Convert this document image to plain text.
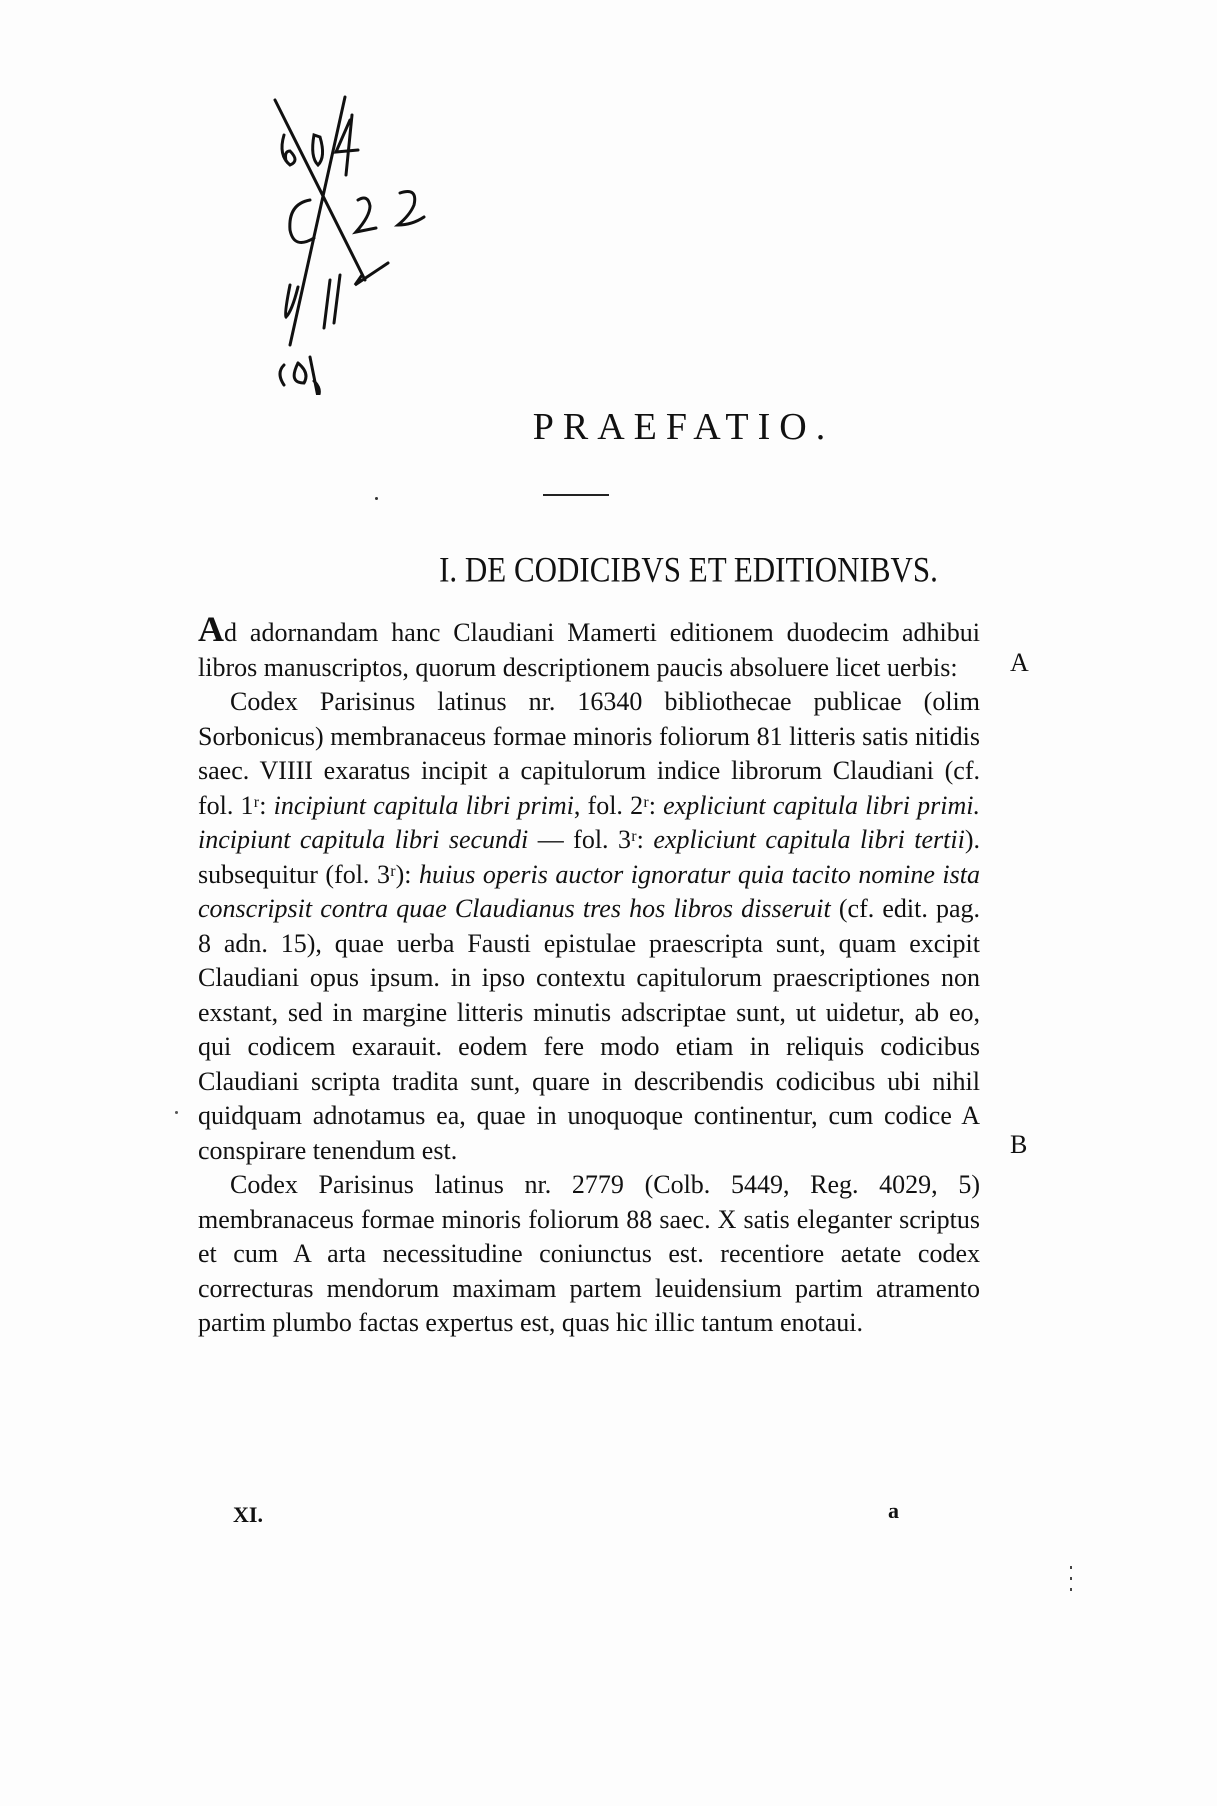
PRAEFATIO.
I. DE CODICIBVS ET EDITIONIBVS.

Ad adornandam hanc Claudiani Mamerti editionem duodecim adhibui libros manuscriptos, quorum descriptionem paucis absoluere licet uerbis:

Codex Parisinus latinus nr. 16340 bibliothecae publicae (olim Sorbonicus) membranaceus formae minoris foliorum 81 litteris satis nitidis saec. VIIII exaratus incipit a capitulorum indice librorum Claudiani (cf. fol. 1ʳ: incipiunt capitula libri primi, fol. 2ʳ: expliciunt capitula libri primi. incipiunt capitula libri secundi — fol. 3ʳ: expliciunt capitula libri tertii). subsequitur (fol. 3ʳ): huius operis auctor ignoratur quia tacito nomine ista conscripsit contra quae Claudianus tres hos libros disseruit (cf. edit. pag. 8 adn. 15), quae uerba Fausti epistulae praescripta sunt, quam excipit Claudiani opus ipsum. in ipso contextu capitulorum praescriptiones non exstant, sed in margine litteris minutis adscriptae sunt, ut uidetur, ab eo, qui codicem exarauit. eodem fere modo etiam in reliquis codicibus Claudiani scripta tradita sunt, quare in describendis codicibus ubi nihil quidquam adnotamus ea, quae in unoquoque continentur, cum codice A conspirare tenendum est.

Codex Parisinus latinus nr. 2779 (Colb. 5449, Reg. 4029, 5) membranaceus formae minoris foliorum 88 saec. X satis eleganter scriptus et cum A arta necessitudine coniunctus est. recentiore aetate codex correcturas mendorum maximam partem leuidensium partim atramento partim plumbo factas expertus est, quas hic illic tantum enotaui.

A
B
XI.	a
